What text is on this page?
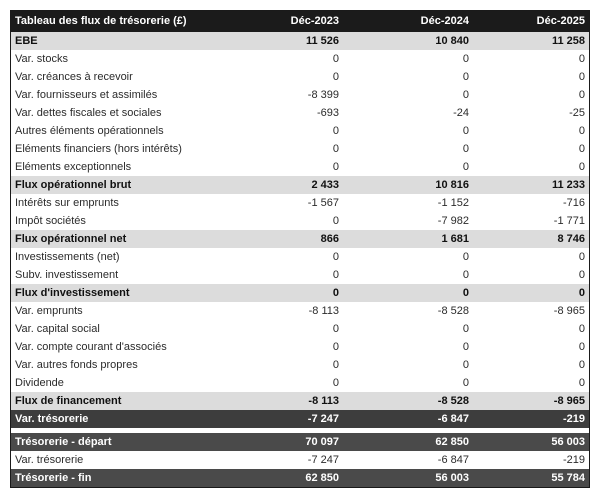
Tableau des flux de trésorerie (£)	Déc-2023	Déc-2024	Déc-2025
EBE	11 526	10 840	11 258
Var. stocks	0	0	0
Var. créances à recevoir	0	0	0
Var. fournisseurs et assimilés	-8 399	0	0
Var. dettes fiscales et sociales	-693	-24	-25
Autres éléments opérationnels	0	0	0
Eléments financiers (hors intérêts)	0	0	0
Eléments exceptionnels	0	0	0
Flux opérationnel brut	2 433	10 816	11 233
Intérêts sur emprunts	-1 567	-1 152	-716
Impôt sociétés	0	-7 982	-1 771
Flux opérationnel net	866	1 681	8 746
Investissements (net)	0	0	0
Subv. investissement	0	0	0
Flux d'investissement	0	0	0
Var. emprunts	-8 113	-8 528	-8 965
Var. capital social	0	0	0
Var. compte courant d'associés	0	0	0
Var. autres fonds propres	0	0	0
Dividende	0	0	0
Flux de financement	-8 113	-8 528	-8 965
Var. trésorerie	-7 247	-6 847	-219

Trésorerie - départ	70 097	62 850	56 003
Var. trésorerie	-7 247	-6 847	-219
Trésorerie - fin	62 850	56 003	55 784
